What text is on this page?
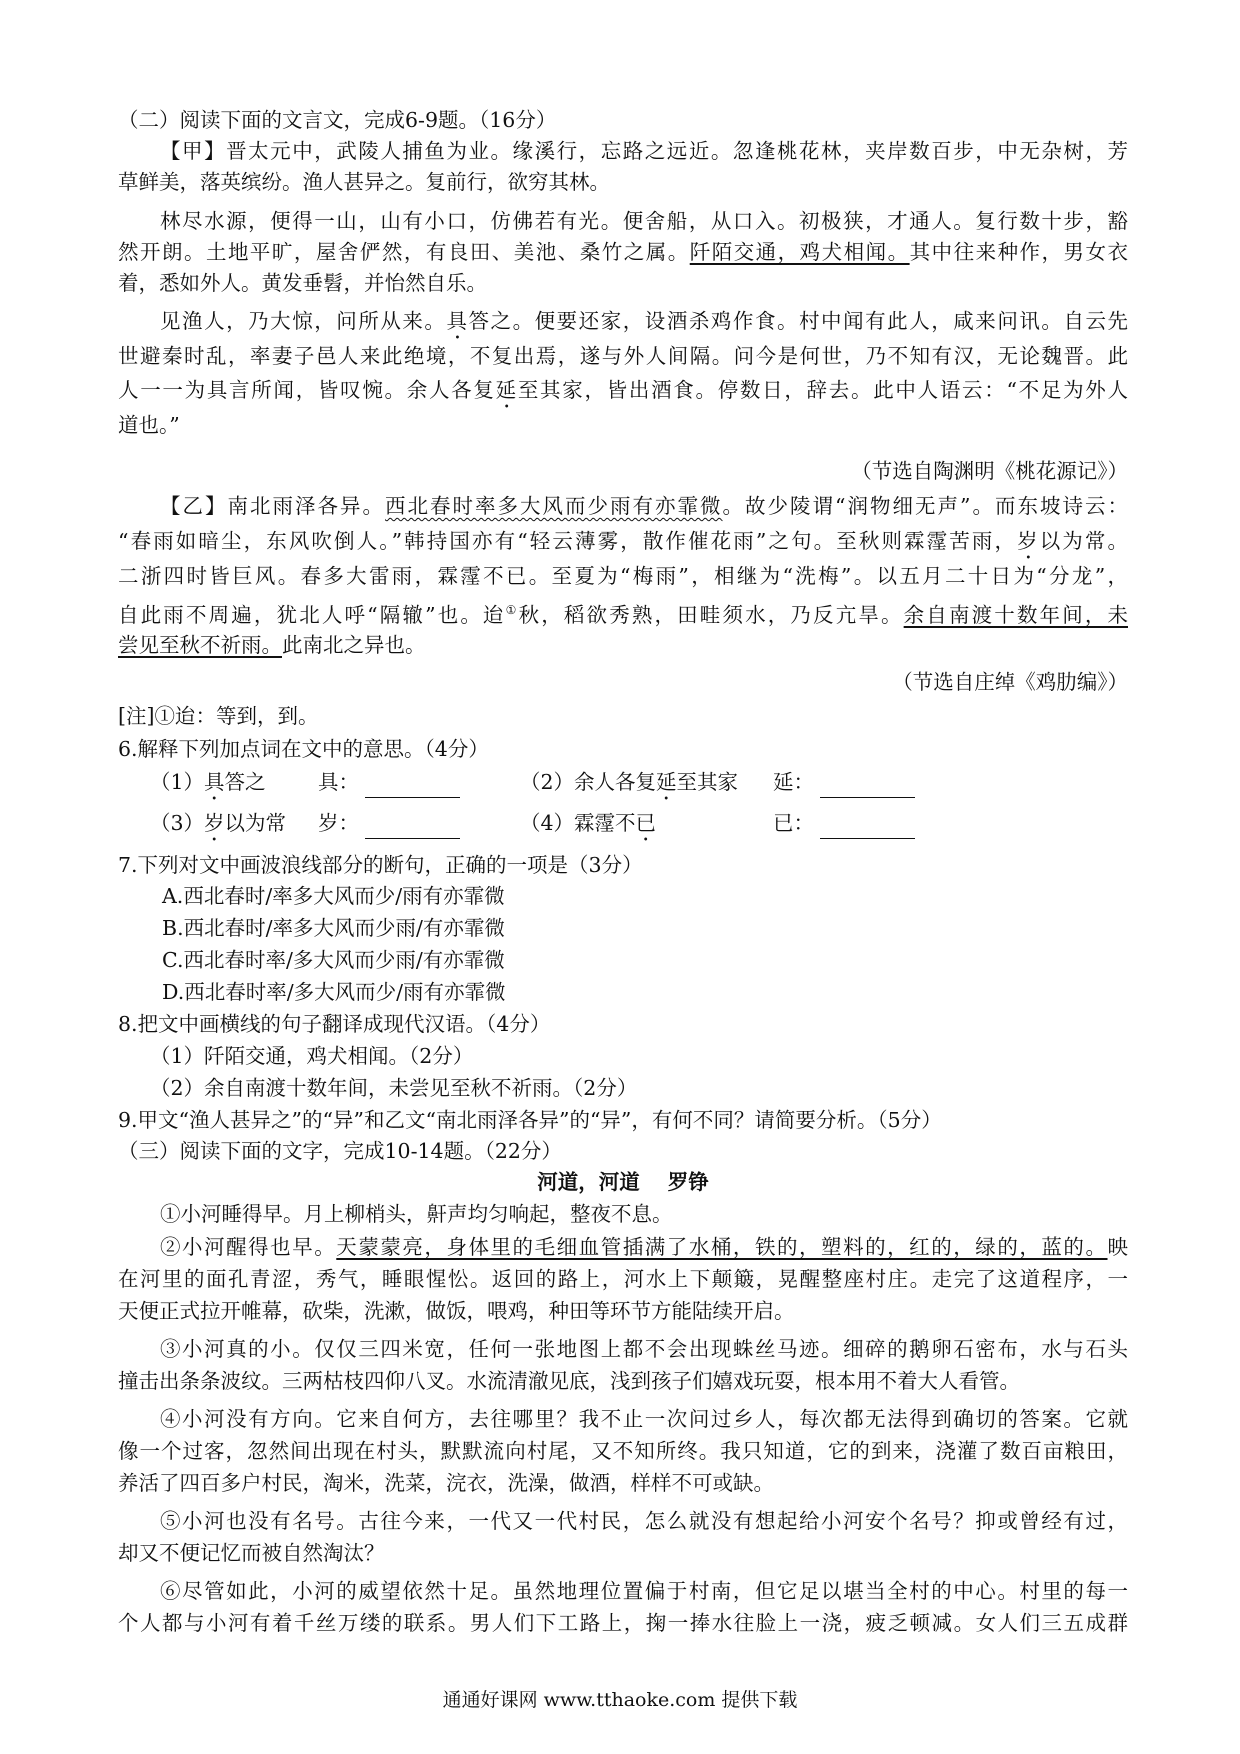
（二）阅读下面的文言文，完成6-9题。（16分）
【甲】晋太元中，武陵人捕鱼为业。缘溪行，忘路之远近。忽逢桃花林，夹岸数百步，中无杂树，芳
草鲜美，落英缤纷。渔人甚异之。复前行，欲穷其林。
林尽水源，便得一山，山有小口，仿佛若有光。便舍船，从口入。初极狭，才通人。复行数十步，豁
然开朗。土地平旷，屋舍俨然，有良田、美池、桑竹之属。阡陌交通，鸡犬相闻。其中往来种作，男女衣
着，悉如外人。黄发垂髫，并怡然自乐。
见渔人，乃大惊，问所从来。具答之。便要还家，设酒杀鸡作食。村中闻有此人，咸来问讯。自云先
世避秦时乱，率妻子邑人来此绝境，不复出焉，遂与外人间隔。问今是何世，乃不知有汉，无论魏晋。此
人一一为具言所闻，皆叹惋。余人各复延至其家，皆出酒食。停数日，辞去。此中人语云：“不足为外人
道也。”
（节选自陶渊明《桃花源记》）
【乙】南北雨泽各异。西北春时率多大风而少雨有亦霏微。故少陵谓“润物细无声”。而东坡诗云：
“春雨如暗尘，东风吹倒人。”韩持国亦有“轻云薄雾，散作催花雨”之句。至秋则霖霪苦雨，岁以为常。
二浙四时皆巨风。春多大雷雨，霖霪不已。至夏为“梅雨”，相继为“洗梅”。以五月二十日为“分龙”，
自此雨不周遍，犹北人呼“隔辙”也。迨①秋，稻欲秀熟，田畦须水，乃反亢旱。余自南渡十数年间，未
尝见至秋不祈雨。此南北之异也。
（节选自庄绰《鸡肋编》）
[注]①迨：等到，到。
6.解释下列加点词在文中的意思。（4分）
（1）具答之	具：	（2）余人各复延至其家 延：
（3）岁以为常 岁：	（4）霖霪不已	已：
7.下列对文中画波浪线部分的断句，正确的一项是（3分）
A.西北春时/率多大风而少/雨有亦霏微
B.西北春时/率多大风而少雨/有亦霏微
C.西北春时率/多大风而少雨/有亦霏微
D.西北春时率/多大风而少/雨有亦霏微
8.把文中画横线的句子翻译成现代汉语。（4分）
（1）阡陌交通，鸡犬相闻。（2分）
（2）余自南渡十数年间，未尝见至秋不祈雨。（2分）
9.甲文“渔人甚异之”的“异”和乙文“南北雨泽各异”的“异”，有何不同？请简要分析。（5分）
（三）阅读下面的文字，完成10-14题。（22分）
河道，河道 罗铮
①小河睡得早。月上柳梢头，鼾声均匀响起，整夜不息。
②小河醒得也早。天蒙蒙亮，身体里的毛细血管插满了水桶，铁的，塑料的，红的，绿的，蓝的。映
在河里的面孔青涩，秀气，睡眼惺忪。返回的路上，河水上下颠簸，晃醒整座村庄。走完了这道程序，一
天便正式拉开帷幕，砍柴，洗漱，做饭，喂鸡，种田等环节方能陆续开启。
③小河真的小。仅仅三四米宽，任何一张地图上都不会出现蛛丝马迹。细碎的鹅卵石密布，水与石头
撞击出条条波纹。三两枯枝四仰八叉。水流清澈见底，浅到孩子们嬉戏玩耍，根本用不着大人看管。
④小河没有方向。它来自何方，去往哪里？我不止一次问过乡人，每次都无法得到确切的答案。它就
像一个过客，忽然间出现在村头，默默流向村尾，又不知所终。我只知道，它的到来，浇灌了数百亩粮田，
养活了四百多户村民，淘米，洗菜，浣衣，洗澡，做酒，样样不可或缺。
⑤小河也没有名号。古往今来，一代又一代村民，怎么就没有想起给小河安个名号？抑或曾经有过，
却又不便记忆而被自然淘汰？
⑥尽管如此，小河的威望依然十足。虽然地理位置偏于村南，但它足以堪当全村的中心。村里的每一
个人都与小河有着千丝万缕的联系。男人们下工路上，掬一捧水往脸上一浇，疲乏顿减。女人们三五成群
通通好课网 www.tthaoke.com 提供下载
